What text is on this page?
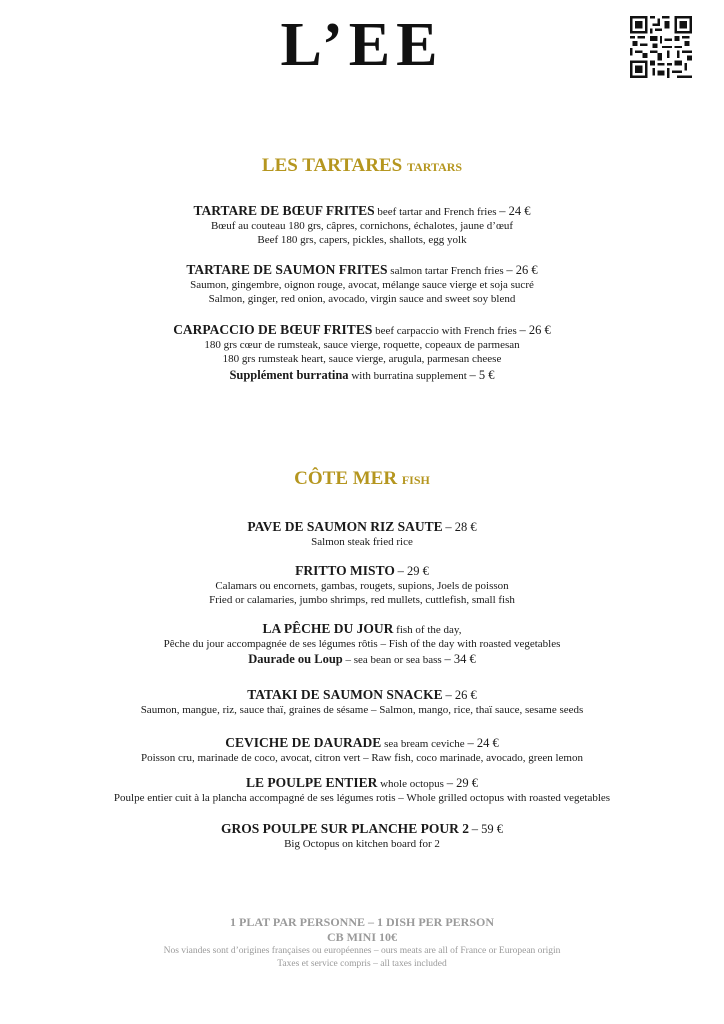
L’EE
LES TARTARES TARTARS
TARTARE DE BŒUF FRITES beef tartar and French fries – 24 €
Bœuf au couteau 180 grs, câpres, cornichons, échalotes, jaune d’œuf
Beef 180 grs, capers, pickles, shallots, egg yolk
TARTARE DE SAUMON FRITES salmon tartar French fries – 26 €
Saumon, gingembre, oignon rouge, avocat, mélange sauce vierge et soja sucré
Salmon, ginger, red onion, avocado, virgin sauce and sweet soy blend
CARPACCIO DE BŒUF FRITES beef carpaccio with French fries – 26 €
180 grs cœur de rumsteak, sauce vierge, roquette, copeaux de parmesan
180 grs rumsteak heart, sauce vierge, arugula, parmesan cheese
Supplément burratina with burratina supplement – 5 €
CÔTE MER FISH
PAVE DE SAUMON RIZ SAUTE – 28 €
Salmon steak fried rice
FRITTO MISTO – 29 €
Calamars ou encornets, gambas, rougets, supions, Joels de poisson
Fried or calamaries, jumbo shrimps, red mullets, cuttlefish, small fish
LA PÊCHE DU JOUR fish of the day,
Pêche du jour accompagnée de ses légumes rôtis – Fish of the day with roasted vegetables
Daurade ou Loup – sea bean or sea bass – 34 €
TATAKI DE SAUMON SNACKE – 26 €
Saumon, mangue, riz, sauce thaï, graines de sésame – Salmon, mango, rice, thaï sauce, sesame seeds
CEVICHE DE DAURADE sea bream ceviche – 24 €
Poisson cru, marinade de coco, avocat, citron vert – Raw fish, coco marinade, avocado, green lemon
LE POULPE ENTIER whole octopus – 29 €
Poulpe entier cuit à la plancha accompagné de ses légumes rotis – Whole grilled octopus with roasted vegetables
GROS POULPE SUR PLANCHE POUR 2 – 59 €
Big Octopus on kitchen board for 2
1 PLAT PAR PERSONNE – 1 DISH PER PERSON
CB MINI 10€
Nos viandes sont d’origines françaises ou européennes – ours meats are all of France or European origin
Taxes et service compris – all taxes included
